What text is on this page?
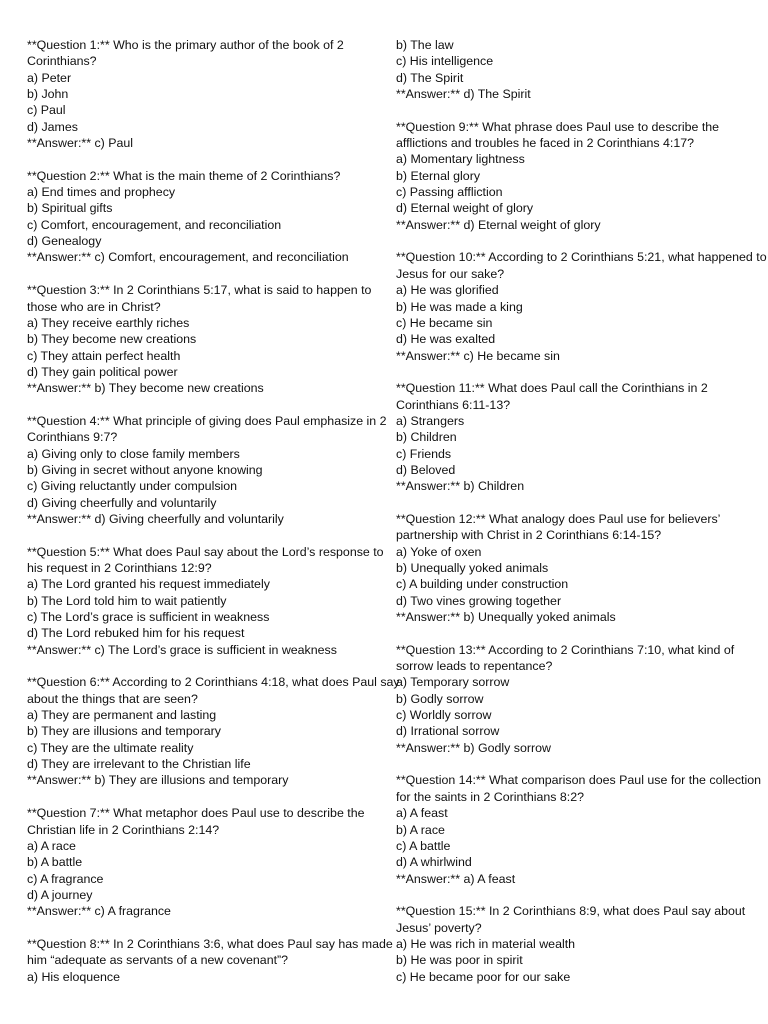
**Question 1:** Who is the primary author of the book of 2
Corinthians?
a) Peter
b) John
c) Paul
d) James
**Answer:** c) Paul
**Question 2:** What is the main theme of 2 Corinthians?
a) End times and prophecy
b) Spiritual gifts
c) Comfort, encouragement, and reconciliation
d) Genealogy
**Answer:** c) Comfort, encouragement, and reconciliation
**Question 3:** In 2 Corinthians 5:17, what is said to happen to
those who are in Christ?
a) They receive earthly riches
b) They become new creations
c) They attain perfect health
d) They gain political power
**Answer:** b) They become new creations
**Question 4:** What principle of giving does Paul emphasize in 2
Corinthians 9:7?
a) Giving only to close family members
b) Giving in secret without anyone knowing
c) Giving reluctantly under compulsion
d) Giving cheerfully and voluntarily
**Answer:** d) Giving cheerfully and voluntarily
**Question 5:** What does Paul say about the Lord’s response to
his request in 2 Corinthians 12:9?
a) The Lord granted his request immediately
b) The Lord told him to wait patiently
c) The Lord’s grace is sufficient in weakness
d) The Lord rebuked him for his request
**Answer:** c) The Lord’s grace is sufficient in weakness
**Question 6:** According to 2 Corinthians 4:18, what does Paul say
about the things that are seen?
a) They are permanent and lasting
b) They are illusions and temporary
c) They are the ultimate reality
d) They are irrelevant to the Christian life
**Answer:** b) They are illusions and temporary
**Question 7:** What metaphor does Paul use to describe the
Christian life in 2 Corinthians 2:14?
a) A race
b) A battle
c) A fragrance
d) A journey
**Answer:** c) A fragrance
**Question 8:** In 2 Corinthians 3:6, what does Paul say has made
him “adequate as servants of a new covenant”?
a) His eloquence
b) The law
c) His intelligence
d) The Spirit
**Answer:** d) The Spirit
**Question 9:** What phrase does Paul use to describe the
afflictions and troubles he faced in 2 Corinthians 4:17?
a) Momentary lightness
b) Eternal glory
c) Passing affliction
d) Eternal weight of glory
**Answer:** d) Eternal weight of glory
**Question 10:** According to 2 Corinthians 5:21, what happened to
Jesus for our sake?
a) He was glorified
b) He was made a king
c) He became sin
d) He was exalted
**Answer:** c) He became sin
**Question 11:** What does Paul call the Corinthians in 2
Corinthians 6:11-13?
a) Strangers
b) Children
c) Friends
d) Beloved
**Answer:** b) Children
**Question 12:** What analogy does Paul use for believers’
partnership with Christ in 2 Corinthians 6:14-15?
a) Yoke of oxen
b) Unequally yoked animals
c) A building under construction
d) Two vines growing together
**Answer:** b) Unequally yoked animals
**Question 13:** According to 2 Corinthians 7:10, what kind of
sorrow leads to repentance?
a) Temporary sorrow
b) Godly sorrow
c) Worldly sorrow
d) Irrational sorrow
**Answer:** b) Godly sorrow
**Question 14:** What comparison does Paul use for the collection
for the saints in 2 Corinthians 8:2?
a) A feast
b) A race
c) A battle
d) A whirlwind
**Answer:** a) A feast
**Question 15:** In 2 Corinthians 8:9, what does Paul say about
Jesus’ poverty?
a) He was rich in material wealth
b) He was poor in spirit
c) He became poor for our sake
